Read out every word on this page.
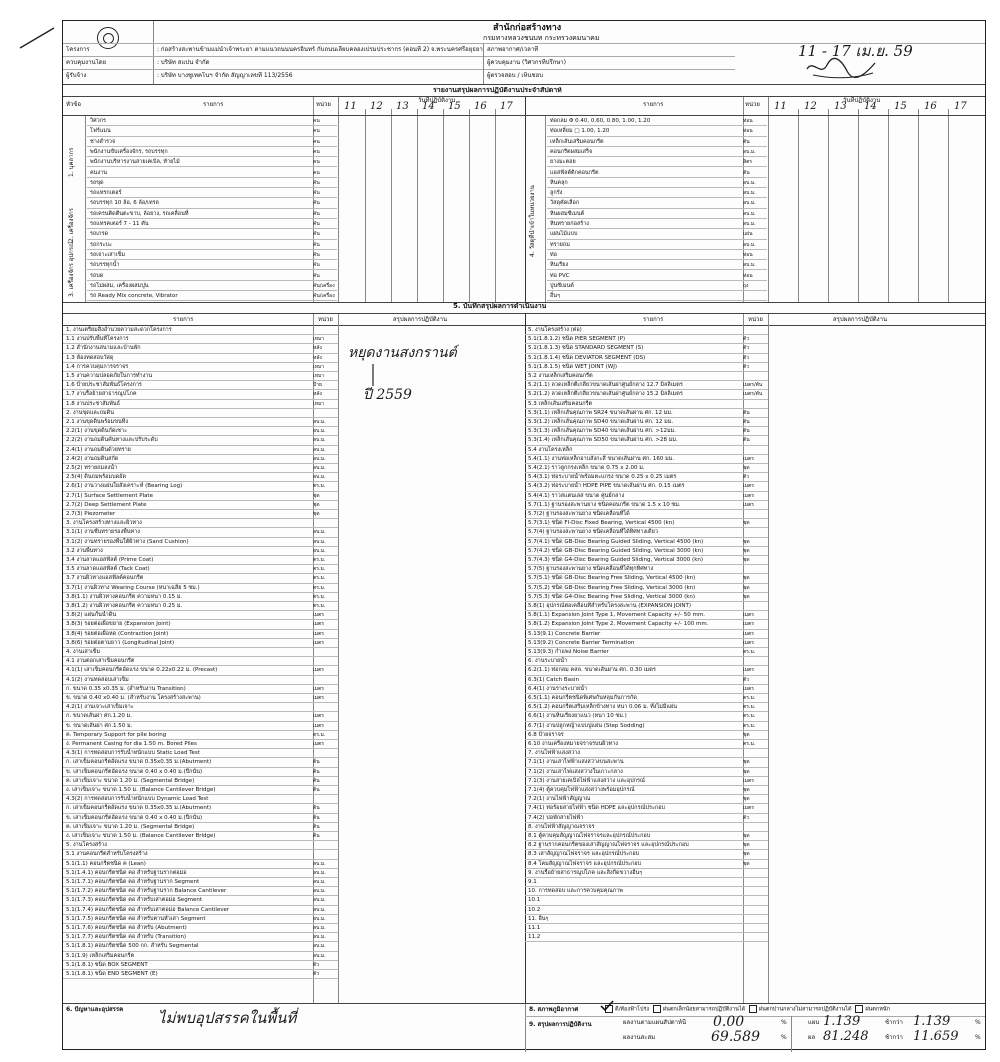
สำนักก่อสร้างทาง
กรมทางหลวงชนบท กระทรวงคมนาคม
โครงการ	: ก่อสร้างสะพานข้ามแม่น้ำเจ้าพระยา ตามแนวถนนนครอินทร์ กับถนนเลียบคลองเปรมประชากร (ตอนที่ 2) จ.พระนครศรีอยุธยา
ควบคุมงานโดย	: บริษัท สแปน จำกัด
ผู้รับจ้าง	: บริษัท บางซูเทคโนฯ จำกัด สัญญาเลขที่ 113/2556
สภาพอากาศ/เวลาที่
ผู้ควบคุมงาน (วิศวกรที่ปรึกษา)
ผู้ตรวจสอบ / เห็นชอบ
11 - 17 เม.ย. 59
รายงานสรุปผลการปฏิบัติงานประจำสัปดาห์
หัวข้อ	รายการ	หน่วย
วันที่ปฏิบัติงาน
รายการ	หน่วย
วันที่ปฏิบัติงาน
11 12 13 14 15 16 17	11 12 13 14 15 16 17
1. บุคลากร
2. เครื่องจักร
3. เครื่องจักร อุปกรณ์
4. วัสดุที่นำเข้าในหน่วยงาน
วิศวกร	คน
โฟร์แมน	คน
ช่างสำรวจ	คน
พนักงานขับเครื่องจักร, รถบรรทุก	คน
พนักงานบริหารงานสายเคเบิล, ท้ายไม้	คน
คนงาน	คน
รถขุด	คัน
รถแทรกเตอร์	คัน
รถบรรทุก 10 ล้อ, 6 ล้อ/เทรล	คัน
รถเครนติดตีนตะขาบ, ล้อยาง, รถเคลื่อนที่	คัน
รถแทรคเตอร์ 7 - 11 ตัน	คัน
รถเกรด	คัน
รถกระบะ	คัน
รถเจาะเสาเข็ม	คัน
รถบรรทุกน้ำ	คัน
รถบด	คัน
รถโม่ผสม, เครื่องผสมปูน	คัน/เครื่อง
รถ Ready Mix concrete, Vibrator	คัน/เครื่อง
ท่อกลม Φ 0.40, 0.60, 0.80, 1.00, 1.20	ท่อน
ท่อเหลี่ยม □ 1.00, 1.20	ท่อน
เหล็กเส้นเสริมคอนกรีต	ตัน
คอนกรีตผสมเสร็จ	ลบ.ม.
ยางมะตอย	ลิตร
แอสฟัลต์ติกคอนกรีต	ตัน
หินคลุก	ลบ.ม.
ลูกรัง	ลบ.ม.
วัสดุคัดเลือก	ลบ.ม.
หินผสมซีเมนต์	ลบ.ม.
หินทรายก่อสร้าง	ลบ.ม.
แผ่นไม้แบบ	แผ่น
ทรายถม	ลบ.ม.
ท่อ	ท่อน
หินเรียง	ลบ.ม.
ท่อ PVC	ท่อน
ปูนซีเมนต์	ถุง
อื่นๆ
5. บันทึกสรุปผลการดำเนินงาน
รายการ	หน่วย	สรุปผลการปฏิบัติงาน	รายการ	หน่วย	สรุปผลการปฏิบัติงาน
1. งานเตรียมสิ่งอำนวยความสะดวกโครงการ
1.1 งานปรับพื้นที่โครงการ	เหมา
1.2 สำนักงานสนามและบ้านพัก	หลัง
1.3 ห้องทดสอบวัสดุ	หลัง
1.4 การควบคุมการจราจร	เหมา
1.5 งานความปลอดภัยในการทำงาน	เหมา
1.6 ป้ายประชาสัมพันธ์โครงการ	ป้าย
1.7 งานรื้อย้ายสาธารณูปโภค	หลัง
1.8 งานประชาสัมพันธ์	เหมา
2. งานขุดและถมดิน
2.1 งานขุดดินพร้อมขนทิ้ง	ลบ.ม.
2.2(1) งานขุดดินกัดเซาะ	ลบ.ม.
2.2(2) งานถมดินคันทางและปรับระดับ	ลบ.ม.
2.4(1) งานถมดินด้วยทราย	ลบ.ม.
2.4(2) งานถมดินสกัด	ลบ.ม.
2.5(2) ทรายถมลงน้ำ	ลบ.ม.
2.5(4) ดินถมพร้อมบดอัด	ลบ.ม.
2.6(1) งานวางแผ่นใยสังเคราะห์ (Bearing Log)	ตร.ม.
2.7(1) Surface Settlement Plate	ชุด
2.7(2) Deep Settlement Plate	ชุด
2.7(3) Piezometer	ชุด
3. งานโครงสร้างทางและผิวทาง
3.1(1) งานชั้นทรายรองพื้นทาง	ลบ.ม.
3.1(2) งานทรายรองพื้นใต้ผิวทาง (Sand Cushion)	ลบ.ม.
3.2 งานพื้นทาง	ลบ.ม.
3.4 งานลาดแอสฟัลต์ (Prime Coat)	ตร.ม.
3.5 งานลาดแอสฟัลต์ (Tack Coat)	ตร.ม.
3.7 งานผิวทางแอสฟัลต์คอนกรีต	ตร.ม.
3.7(1) งานผิวทาง Wearing Course (หนาเฉลี่ย 5 ซม.)	ตร.ม.
3.8(1.1) งานผิวทางคอนกรีต ความหนา 0.15 ม.	ตร.ม.
3.8(1.2) งานผิวทางคอนกรีต ความหนา 0.25 ม.	ตร.ม.
3.8(2) แผ่นกั้นน้ำดิน	เมตร
3.8(3) รอยต่อเผื่อขยาย (Expansion Joint)	เมตร
3.8(4) รอยต่อเผื่อหด (Contraction Joint)	เมตร
3.8(6) รอยต่อตามยาว (Longitudinal Joint)	เมตร
4. งานเสาเข็ม
4.1 งานตอกเสาเข็มคอนกรีต
4.1(1) เสาเข็มคอนกรีตอัดแรง ขนาด 0.22x0.22 ม. (Precast)	เมตร
4.1(2) งานทดสอบเสาเข็ม
ก. ขนาด 0.35 x0.35 ม. (สำหรับงาน Transition)	เมตร
ข. ขนาด 0.40 x0.40 ม. (สำหรับงาน โครงสร้างสะพาน)	เมตร
4.2(1) งานเจาะเสาเข็มเจาะ
ก. ขนาดเส้นผ่า ศก.1.20 ม.	เมตร
ข. ขนาดเส้นผ่า ศก.1.50 ม.	เมตร
ค. Temporary Support for pile boring	ตร.ม.
ง. Permanent Casing for dia 1.50 m. Bored Piles	เมตร
4.3(1) การทดสอบการรับน้ำหนักแบบ Static Load Test
ก. เสาเข็มคอนกรีตอัดแรง ขนาด 0.35x0.35 ม.(Abutment)	ต้น
ข. เสาเข็มคอนกรีตอัดแรง ขนาด 0.40 x 0.40 ม.(ปีกนัน)	ต้น
ค. เสาเข็มเจาะ ขนาด 1.20 ม. (Segmental Bridge)	ต้น
ง. เสาเข็มเจาะ ขนาด 1.50 ม. (Balance Cantilever Bridge)	ต้น
4.3(2) การทดสอบการรับน้ำหนักแบบ Dynamic Load Test
ก. เสาเข็มคอนกรีตอัดแรง ขนาด 0.35x0.35 ม.(Abutment)	ต้น
ข. เสาเข็มคอนกรีตอัดแรง ขนาด 0.40 x 0.40 ม.(ปีกนัน)	ต้น
ค. เสาเข็มเจาะ ขนาด 1.20 ม. (Segmental Bridge)	ต้น
ง. เสาเข็มเจาะ ขนาด 1.50 ม. (Balance Cantilever Bridge)	ต้น
5. งานโครงสร้าง
5.1 งานคอนกรีตสำหรับโครงสร้าง
5.1(1.1) คอนกรีตชนิด ค (Lean)	ลบ.ม.
5.1(1.4.1) คอนกรีตชนิด คอ สำหรับฐานรากตอม่อ	ลบ.ม.
5.1(1.7.1) คอนกรีตชนิด คอ สำหรับฐานราก Segment	ลบ.ม.
5.1(1.7.2) คอนกรีตชนิด คอ สำหรับฐานราก Balance Cantilever	ลบ.ม.
5.1(1.7.3) คอนกรีตชนิด คอ สำหรับเสาตอม่อ Segment	ลบ.ม.
5.1(1.7.4) คอนกรีตชนิด คอ สำหรับเสาตอม่อ Balance Cantilever	ลบ.ม.
5.1(1.7.5) คอนกรีตชนิด คอ สำหรับคานหัวเสา Segment	ลบ.ม.
5.1(1.7.6) คอนกรีตชนิด คอ สำหรับ (Abutment)	ลบ.ม.
5.1(1.7.7) คอนกรีตชนิด คอ สำหรับ (Transition)	ลบ.ม.
5.1(1.8.1) คอนกรีตชนิด 500 กก. สำหรับ Segmental	ลบ.ม.
5.1(1.9) เหล็กเสริมคอนกรีต	ลบ.ม.
5.1(1.8.1) ชนิด BOX SEGMENT	ตัว
5.1(1.8.1) ชนิด END SEGMENT (E)	ตัว
5. งานโครงสร้าง (ต่อ)
5.1(1.8.1.2) ชนิด PIER SEGMENT (P)	ตัว
5.1(1.8.1.3) ชนิด STANDARD SEGMENT (S)	ตัว
5.1(1.8.1.4) ชนิด DEVIATOR SEGMENT (DS)	ตัว
5.1(1.8.1.5) ชนิด WET JOINT (WJ)	ตัว
5.2 งานเหล็กเสริมคอนกรีต
5.2(1.1) ลวดเหล็กตีเกลียวขนาดเส้นผ่าศูนย์กลาง 12.7 มิลลิเมตร	เมตร/ตัน
5.2(1.2) ลวดเหล็กตีเกลียวขนาดเส้นผ่าศูนย์กลาง 15.2 มิลลิเมตร	เมตร/ตัน
5.3 เหล็กเส้นเสริมคอนกรีต
5.3(1.1) เหล็กเส้นคุณภาพ SR24 ขนาดเส้นผ่าน ศก. 12 มม.	ตัน
5.3(1.2) เหล็กเส้นคุณภาพ SD40 ขนาดเส้นผ่าน ศก. 12 มม.	ตัน
5.3(1.3) เหล็กเส้นคุณภาพ SD40 ขนาดเส้นผ่าน ศก. >12มม.	ตัน
5.3(1.4) เหล็กเส้นคุณภาพ SD50 ขนาดเส้นผ่าน ศก. >28 มม.	ตัน
5.4 งานโครงเหล็ก
5.4(1.1) งานท่อเหล็กอาบสังกะสี ขนาดเส้นผ่าน ศก. 160 มม.	เมตร
5.4(2.1) ราวลูกกรงเหล็ก ขนาด 0.75 x 2.00 ม.	ชุด
5.4(3.1) ท่อระบายน้ำพร้อมตะแกรง ขนาด 0.25 x 0.25 เมตร	ตัว
5.4(3.2) ท่อระบายน้ำ HDPE PIPE ขนาดเส้นผ่าน ศก. 0.15 เมตร	เมตร
5.4(4.1) ราวสแตนเลส ขนาด ศูนย์กลาง	เมตร
5.7(1.1) ฐานรองสะพานยาง ชนิดคอนกรีต ขนาด 1.5 x 10 ซม.	เมตร
5.7(2) ฐานรองสะพานยาง ชนิดเคลื่อนที่ได้
5.7(3.1) ชนิด FI-Disc Fixed Bearing, Vertical 4500 (kn)	ชุด
5.7(4) ฐานรองสะพานยาง ชนิดเคลื่อนที่ได้ทิศทางเดียว
5.7(4.1) ชนิด GB-Disc Bearing Guided Sliding, Vertical 4500 (kn)	ชุด
5.7(4.2) ชนิด GB-Disc Bearing Guided Sliding, Vertical 3000 (kn)	ชุด
5.7(4.3) ชนิด G4-Disc Bearing Guided Sliding, Vertical 3000 (kn)	ชุด
5.7(5) ฐานรองสะพานยาง ชนิดเคลื่อนที่ได้ทุกทิศทาง
5.7(5.1) ชนิด GB-Disc Bearing Free Sliding, Vertical 4500 (kn)	ชุด
5.7(5.2) ชนิด GB-Disc Bearing Free Sliding, Vertical 3000 (kn)	ชุด
5.7(5.3) ชนิด G4-Disc Bearing Free Sliding, Vertical 3000 (kn)	ชุด
5.8(1) อุปกรณ์ต่อเคลื่อนที่สำหรับโครงสะพาน (EXPANSION JOINT)
5.8(1.1) Expansion Joint Type 1, Movement Capacity +/- 50 mm.	เมตร
5.8(1.2) Expansion Joint Type 2, Movement Capacity +/- 100 mm.	เมตร
5.13(9.1) Concrete Barrier	เมตร
5.13(9.2) Concrete Barrier Termination	เมตร
5.13(9.3) กำแพง Noise Barrier	ตร.ม.
6. งานระบายน้ำ
6.2(1.1) ท่อกลม คสล. ขนาดเส้นผ่าน ศก. 0.30 เมตร	เมตร
6.3(1) Catch Basin	ตัว
6.4(1) งานรางระบายน้ำ	เมตร
6.5(1.1) คอนกรีตชนิดพิเศษกันหลุมกันการกัด	ตร.ม.
6.5(1.2) คอนกรีตเสริมเหล็กข้างทาง หนา 0.06 ม. ทั้งไม่มีแผ่น	ตร.ม.
6.6(1) งานหินเรียงยาแนว (หนา 10 ซม.)	ตร.ม.
6.7(1) งานปลูกหญ้าแบบปูแผ่น (Step Sodding)	ตร.ม.
6.8 ป้ายจราจร	ชุด
6.10 งานเครื่องหมายจราจรบนผิวทาง	ตร.ม.
7. งานไฟฟ้าแสงสว่าง
7.1(1) งานเสาไฟฟ้าแสงสว่างบนสะพาน	ชุด
7.1(2) งานเสาไฟแสงสว่างในเกาะกลาง	ชุด
7.1(3) งานสายเคเบิลไฟฟ้าแสงสว่าง และอุปกรณ์	เมตร
7.1(4) ตู้ควบคุมไฟฟ้าแสงสว่างพร้อมอุปกรณ์	ชุด
7.2(1) งานไฟฟ้าสัญญาณ	ชุด
7.4(1) ท่อร้อยสายไฟฟ้า ชนิด HDPE และอุปกรณ์ประกอบ	เมตร
7.4(2) บ่อพักสายไฟฟ้า	ตัว
8. งานไฟฟ้าสัญญาณจราจร
8.1 ตู้ควบคุมสัญญาณไฟจราจรและอุปกรณ์ประกอบ	ชุด
8.2 ฐานรากคอนกรีตของเสาสัญญาณไฟจราจร และอุปกรณ์ประกอบ	ชุด
8.3 เสาสัญญาณไฟจราจร และอุปกรณ์ประกอบ	ชุด
8.4 โคมสัญญาณไฟจราจร และอุปกรณ์ประกอบ	ชุด
9. งานรื้อย้ายสาธารณูปโภค และสิ่งกีดขวางอื่นๆ
9.1
10. การทดสอบ และการควบคุมคุณภาพ
10.1
10.2
11. อื่นๆ
11.1
11.2
หยุดงานสงกรานต์
ปี 2559
6. ปัญหาและอุปสรรค ไม่พบอุปสรรคในพื้นที่	8. สภาพภูมิอากาศ	ดี/ท้องฟ้าโปร่ง	ฝนตกเล็กน้อยสามารถปฏิบัติงานได้	ฝนตกปานกลางไม่สามารถปฏิบัติงานได้	ฝนตกหนัก
9. สรุปผลการปฏิบัติงาน	ผลงานตามแผนสัปดาห์นี้ 0.00	%
ผลงานสะสม	69.589	%
แผน 1.139	ช้ากว่า 1.139	%
ผล 81.248	ช้ากว่า 11.659	%
